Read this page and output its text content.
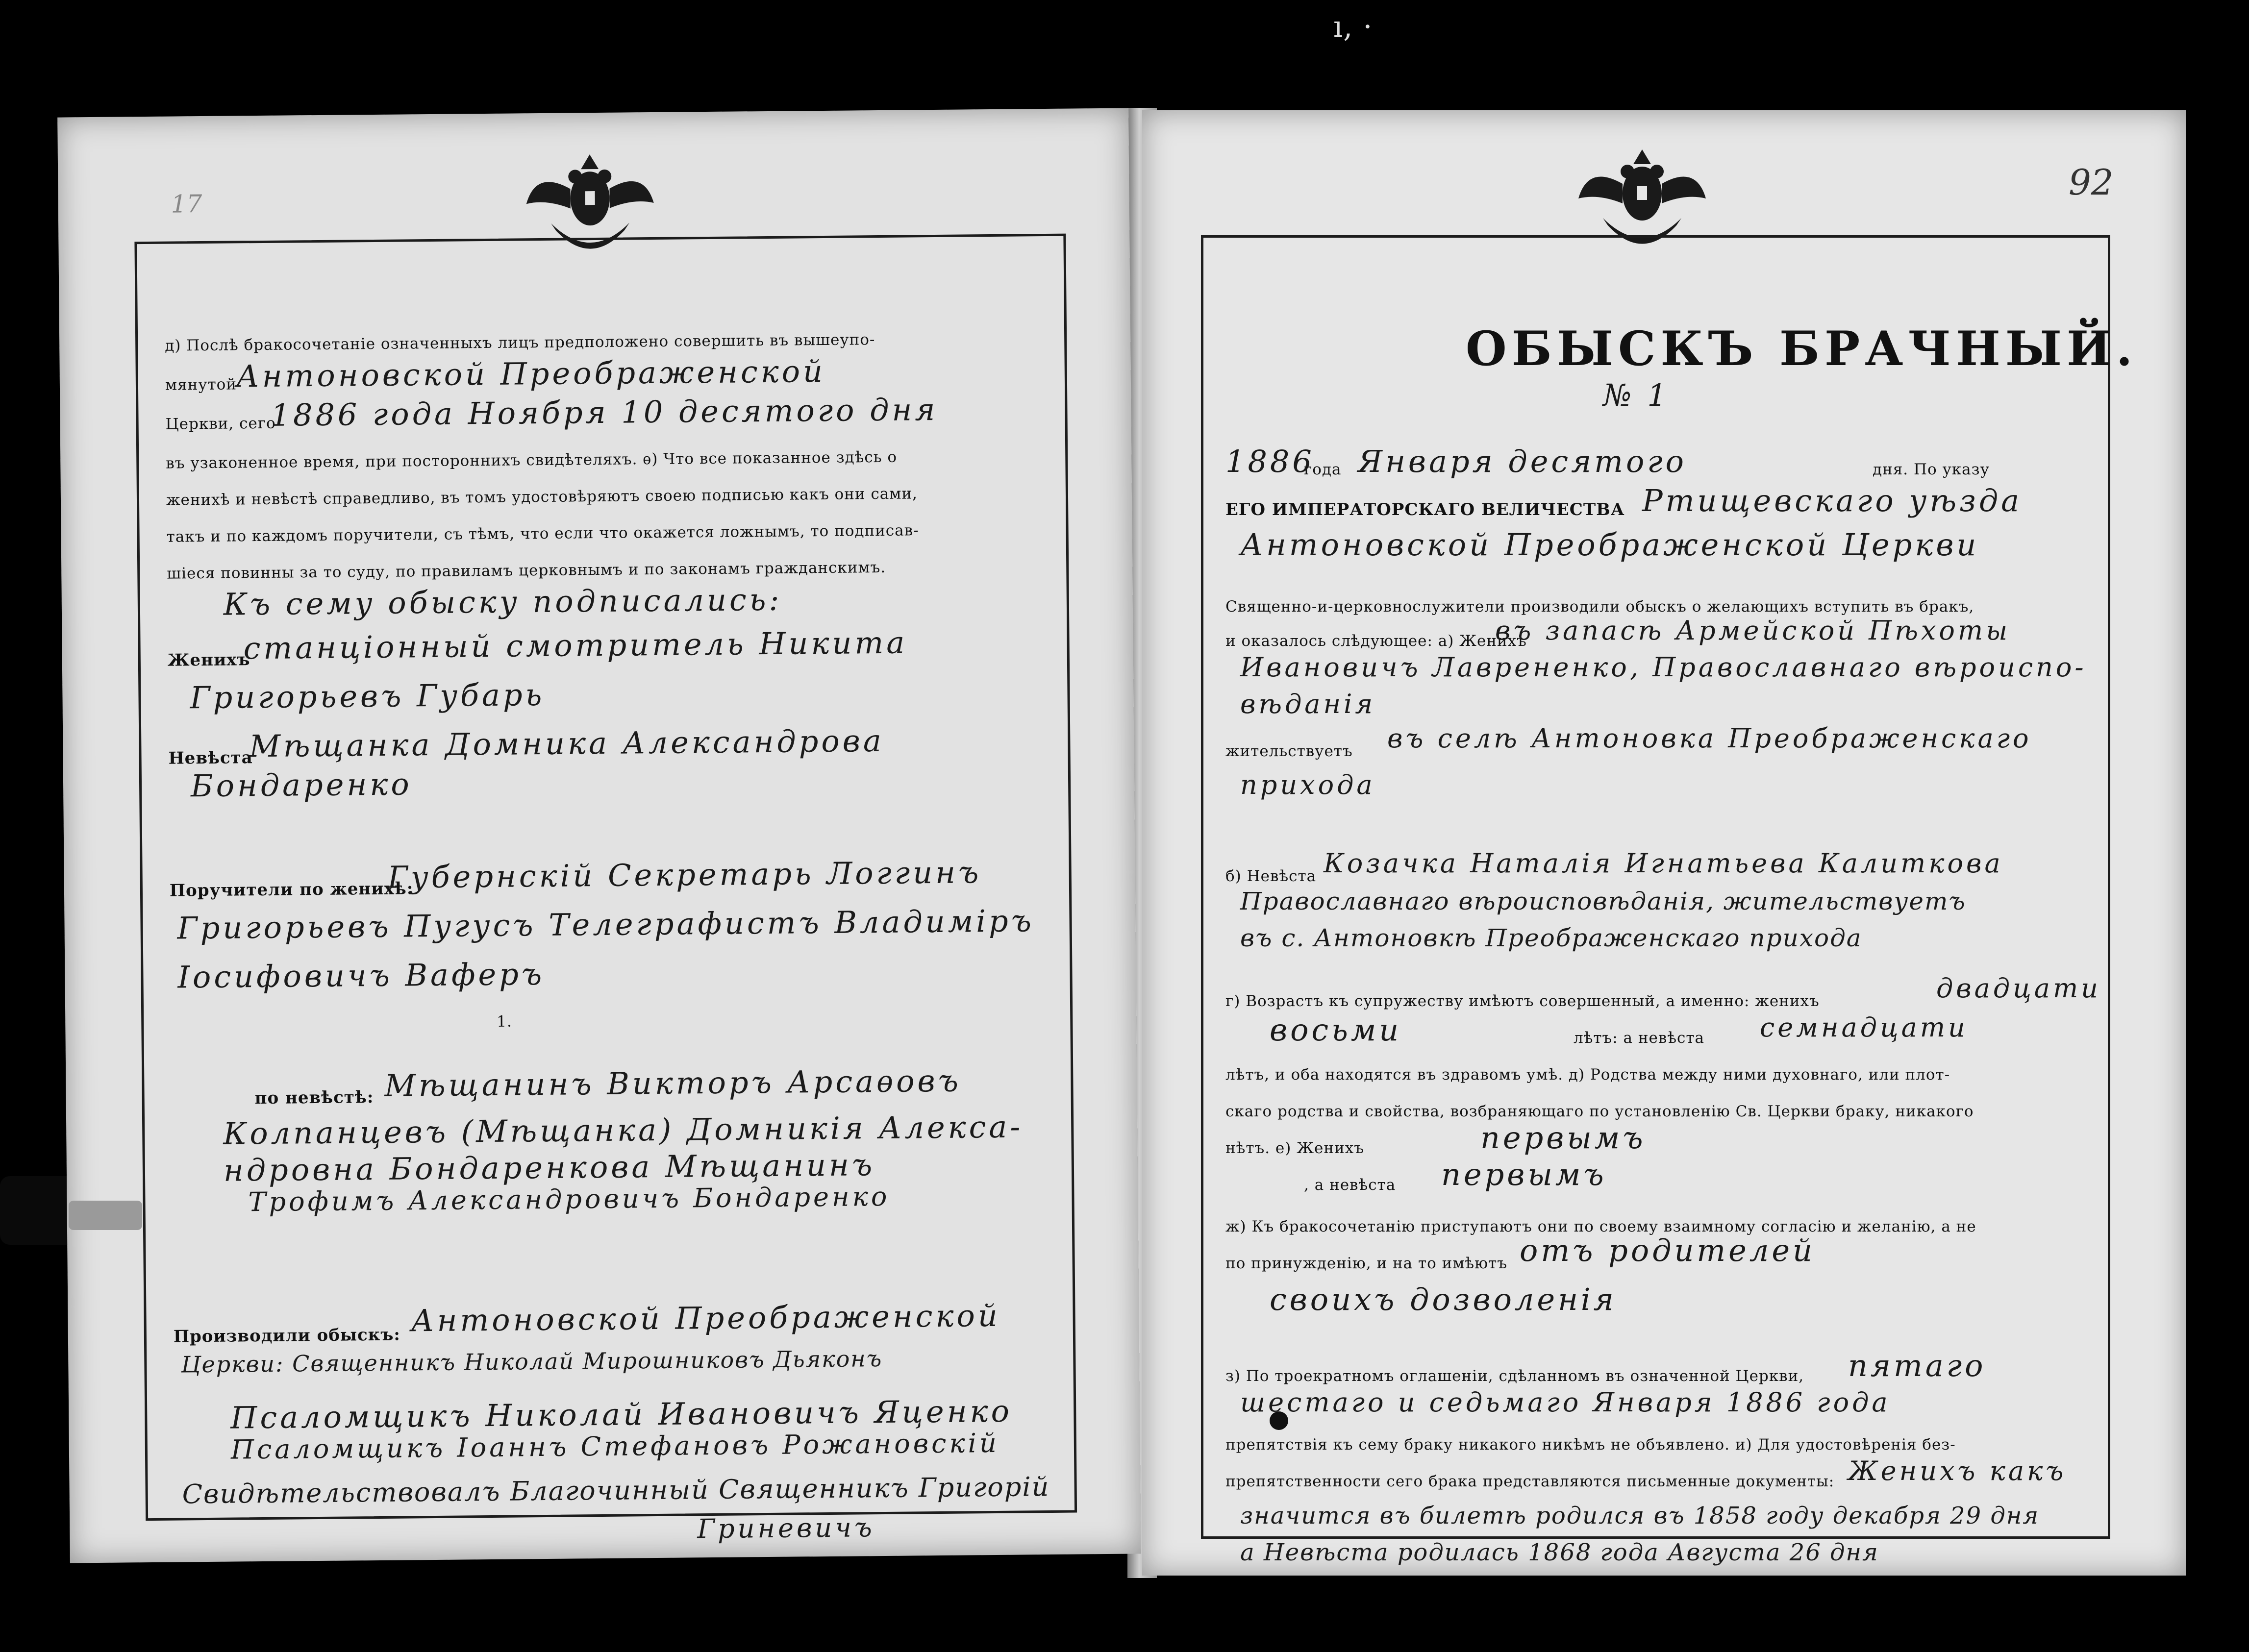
ı, ·
17
д) Послѣ бракосочетаніе означенныхъ лицъ предположено совершить въ вышеупо-
мянутой
Антоновской Преображенской
Церкви, сего
1886 года Ноября 10 десятого дня
въ узаконенное время, при постороннихъ свидѣтеляхъ. ѳ) Что все показанное здѣсь о
женихѣ и невѣстѣ справедливо, въ томъ удостовѣряютъ своею подписью какъ они сами,
такъ и по каждомъ поручители, съ тѣмъ, что если что окажется ложнымъ, то подписав-
шіеся повинны за то суду, по правиламъ церковнымъ и по законамъ гражданскимъ.
Къ сему обыску подписались:
Женихъ
станціонный смотритель Никита
Григорьевъ Губарь
Невѣста
Мѣщанка Домника Александрова
Бондаренко
Поручители по женихѣ:
Губернскій Секретарь Логгинъ
Григорьевъ Пугусъ Телеграфистъ Владиміръ
Іосифовичъ Ваферъ
1.
по невѣстѣ: Мѣщанинъ Викторъ Арсаѳовъ
Колпанцевъ (Мѣщанка) Домникія Алекса-
ндровна Бондаренкова Мѣщанинъ
Трофимъ Александровичъ Бондаренко
Производили обыскъ: Антоновской Преображенской
Церкви: Священникъ Николай Мирошниковъ Дьяконъ
Псаломщикъ Николай Ивановичъ Яценко
Псаломщикъ Іоаннъ Стефановъ Рожановскій
Свидѣтельствовалъ Благочинный Священникъ Григорій
Гриневичъ
92
ОБЫСКЪ БРАЧНЫЙ.
№ 1
1886
года Января десятого	дня. По указу
ЕГО ИМПЕРАТОРСКАГО ВЕЛИЧЕСТВА Ртищевскаго уѣзда
Антоновской Преображенской Церкви
Священно-и-церковнослужители производили обыскъ о желающихъ вступить въ бракъ,
и оказалось слѣдующее: а) Женихъ
въ запасѣ Армейской Пѣхоты
Ивановичъ Лаврененко, Православнаго вѣроиспо-
вѣданія
жительствуетъ въ селѣ Антоновка Преображенскаго
прихода
б) Невѣста Козачка Наталія Игнатьева Калиткова
Православнаго вѣроисповѣданія, жительствуетъ
въ с. Антоновкѣ Преображенскаго прихода
г) Возрастъ къ супружеству имѣютъ совершенный, а именно: женихъ	двадцати
восьми	лѣтъ: а невѣста семнадцати
лѣтъ, и оба находятся въ здравомъ умѣ. д) Родства между ними духовнаго, или плот-
скаго родства и свойства, возбраняющаго по установленію Св. Церкви браку, никакого
нѣтъ. е) Женихъ	первымъ
, а невѣста первымъ
ж) Къ бракосочетанію приступаютъ они по своему взаимному согласію и желанію, а не
по принужденію, и на то имѣютъ отъ родителей
своихъ дозволенія
з) По троекратномъ оглашеніи, сдѣланномъ въ означенной Церкви, пятаго
шестаго и седьмаго Января 1886 года
препятствія къ сему браку никакого никѣмъ не объявлено. и) Для удостовѣренія без-
препятственности сего брака представляются письменные документы: Женихъ какъ
значится въ билетѣ родился въ 1858 году декабря 29 дня
а Невѣста родилась 1868 года Августа 26 дня
